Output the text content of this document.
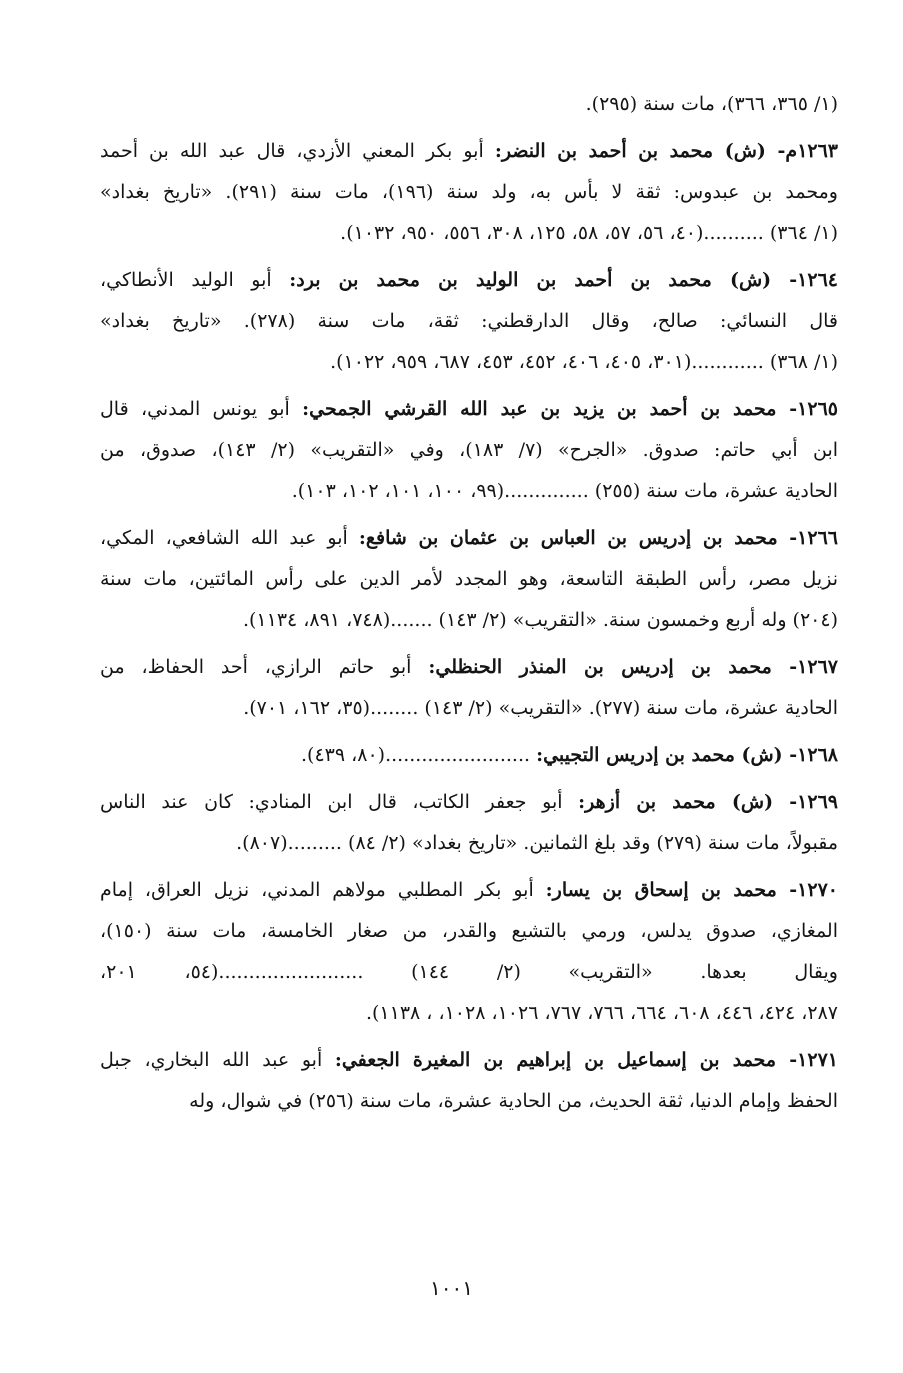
(١/ ٣٦٥، ٣٦٦)، مات سنة (٢٩٥).
١٢٦٣م- (ش) محمد بن أحمد بن النضر: أبو بكر المعني الأزدي، قال عبد الله بن أحمد
ومحمد بن عبدوس: ثقة لا بأس به، ولد سنة (١٩٦)، مات سنة (٢٩١). «تاريخ بغداد»
(١/ ٣٦٤) ..........(٤٠، ٥٦، ٥٧، ٥٨، ١٢٥، ٣٠٨، ٥٥٦، ٩٥٠، ١٠٣٢).
١٢٦٤- (ش) محمد بن أحمد بن الوليد بن محمد بن برد: أبو الوليد الأنطاكي،
قال النسائي: صالح، وقال الدارقطني: ثقة، مات سنة (٢٧٨). «تاريخ بغداد»
(١/ ٣٦٨) ............(٣٠١، ٤٠٥، ٤٠٦، ٤٥٢، ٤٥٣، ٦٨٧، ٩٥٩، ١٠٢٢).
١٢٦٥- محمد بن أحمد بن يزيد بن عبد الله القرشي الجمحي: أبو يونس المدني، قال
ابن أبي حاتم: صدوق. «الجرح» (٧/ ١٨٣)، وفي «التقريب» (٢/ ١٤٣)، صدوق، من
الحادية عشرة، مات سنة (٢٥٥) ..............(٩٩، ١٠٠، ١٠١، ١٠٢، ١٠٣).
١٢٦٦- محمد بن إدريس بن العباس بن عثمان بن شافع: أبو عبد الله الشافعي، المكي،
نزيل مصر، رأس الطبقة التاسعة، وهو المجدد لأمر الدين على رأس المائتين، مات سنة
(٢٠٤) وله أربع وخمسون سنة. «التقريب» (٢/ ١٤٣) .......(٧٤٨، ٨٩١، ١١٣٤).
١٢٦٧- محمد بن إدريس بن المنذر الحنظلي: أبو حاتم الرازي، أحد الحفاظ، من
الحادية عشرة، مات سنة (٢٧٧). «التقريب» (٢/ ١٤٣) ........(٣٥، ١٦٢، ٧٠١).
١٢٦٨- (ش) محمد بن إدريس التجيبي: ........................(٨٠، ٤٣٩).
١٢٦٩- (ش) محمد بن أزهر: أبو جعفر الكاتب، قال ابن المنادي: كان عند الناس
مقبولاً، مات سنة (٢٧٩) وقد بلغ الثمانين. «تاريخ بغداد» (٢/ ٨٤) .........(٨٠٧).
١٢٧٠- محمد بن إسحاق بن يسار: أبو بكر المطلبي مولاهم المدني، نزيل العراق، إمام
المغازي، صدوق يدلس، ورمي بالتشيع والقدر، من صغار الخامسة، مات سنة (١٥٠)،
ويقال بعدها. «التقريب» (٢/ ١٤٤) ........................(٥٤، ٢٠١،
٢٨٧، ٤٢٤، ٤٤٦، ٦٠٨، ٦٦٤، ٧٦٦، ٧٦٧، ١٠٢٦، ١٠٢٨، ، ١١٣٨).
١٢٧١- محمد بن إسماعيل بن إبراهيم بن المغيرة الجعفي: أبو عبد الله البخاري، جبل
الحفظ وإمام الدنيا، ثقة الحديث، من الحادية عشرة، مات سنة (٢٥٦) في شوال، وله
١٠٠١
